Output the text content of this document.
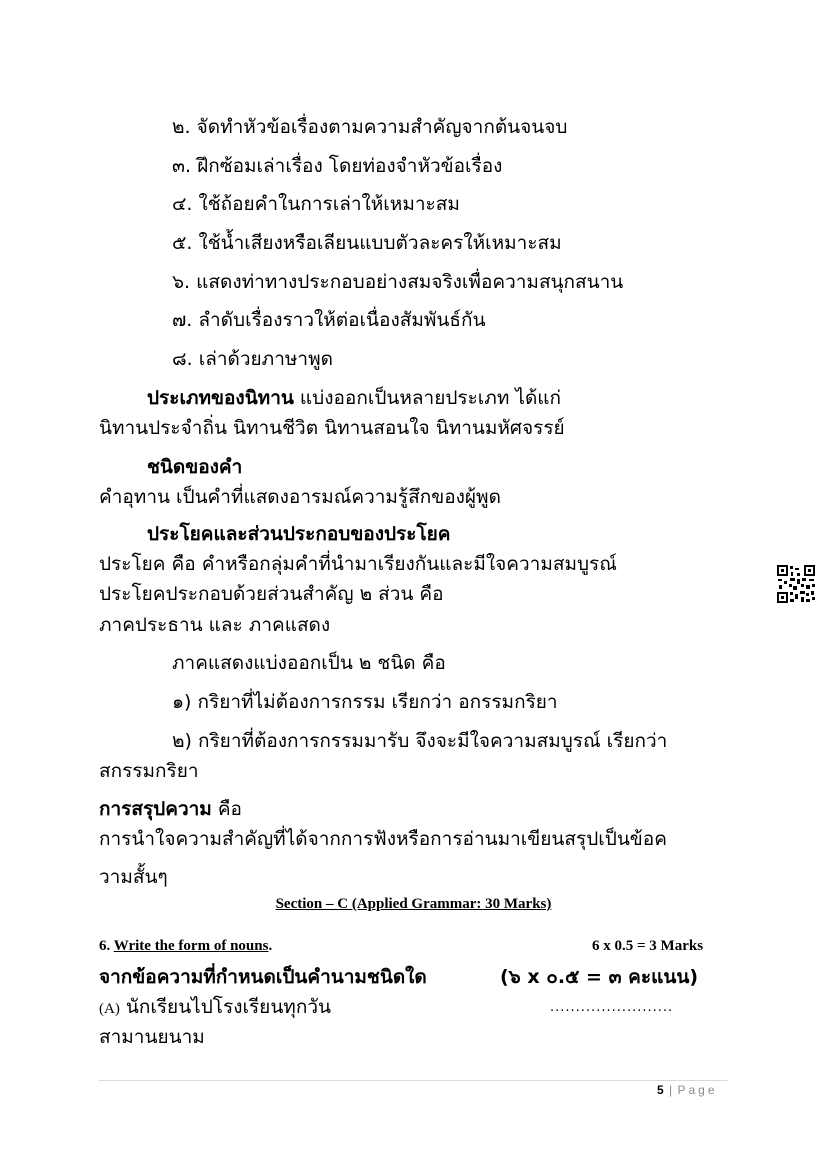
๒. จัดทำหัวข้อเรื่องตามความสำคัญจากต้นจนจบ
๓. ฝึกซ้อมเล่าเรื่อง โดยท่องจำหัวข้อเรื่อง
๔. ใช้ถ้อยคำในการเล่าให้เหมาะสม
๕. ใช้น้ำเสียงหรือเลียนแบบตัวละครให้เหมาะสม
๖. แสดงท่าทางประกอบอย่างสมจริงเพื่อความสนุกสนาน
๗. ลำดับเรื่องราวให้ต่อเนื่องสัมพันธ์กัน
๘. เล่าด้วยภาษาพูด
ประเภทของนิทาน แบ่งออกเป็นหลายประเภท ได้แก่
นิทานประจำถิ่น นิทานชีวิต นิทานสอนใจ นิทานมหัศจรรย์
ชนิดของคำ
คำอุทาน เป็นคำที่แสดงอารมณ์ความรู้สึกของผู้พูด
ประโยคและส่วนประกอบของประโยค
ประโยค คือ คำหรือกลุ่มคำที่นำมาเรียงกันและมีใจความสมบูรณ์
ประโยคประกอบด้วยส่วนสำคัญ ๒ ส่วน คือ
ภาคประธาน และ ภาคแสดง
ภาคแสดงแบ่งออกเป็น ๒ ชนิด คือ
๑) กริยาที่ไม่ต้องการกรรม เรียกว่า อกรรมกริยา
๒) กริยาที่ต้องการกรรมมารับ จึงจะมีใจความสมบูรณ์ เรียกว่า
สกรรมกริยา
การสรุปความ คือ
การนำใจความสำคัญที่ได้จากการฟังหรือการอ่านมาเขียนสรุปเป็นข้อค
วามสั้นๆ
Section – C (Applied Grammar: 30 Marks)
6. Write the form of nouns.	6 x 0.5 = 3 Marks
จากข้อความที่กำหนดเป็นคำนามชนิดใด	(๖ x ๐.๕ = ๓ คะแนน)
(A) นักเรียนไปโรงเรียนทุกวัน	........................
สามานยนาม
5 | Page
